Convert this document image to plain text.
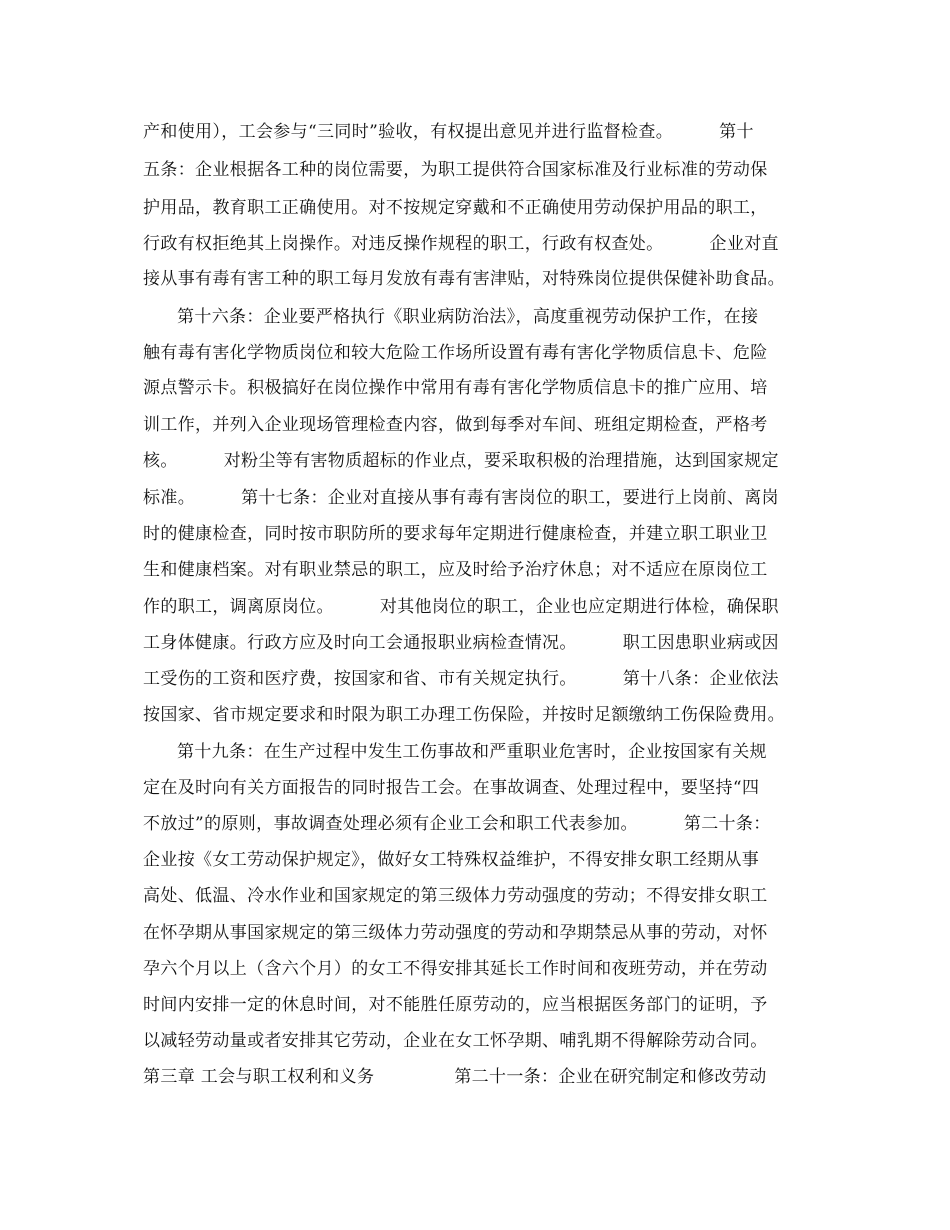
产和使用），工会参与“三同时”验收，有权提出意见并进行监督检查。	第十
五条：企业根据各工种的岗位需要，为职工提供符合国家标准及行业标准的劳动保
护用品，教育职工正确使用。对不按规定穿戴和不正确使用劳动保护用品的职工，
行政有权拒绝其上岗操作。对违反操作规程的职工，行政有权查处。	企业对直
接从事有毒有害工种的职工每月发放有毒有害津贴，对特殊岗位提供保健补助食品。
第十六条：企业要严格执行《职业病防治法》，高度重视劳动保护工作，在接
触有毒有害化学物质岗位和较大危险工作场所设置有毒有害化学物质信息卡、危险
源点警示卡。积极搞好在岗位操作中常用有毒有害化学物质信息卡的推广应用、培
训工作，并列入企业现场管理检查内容，做到每季对车间、班组定期检查，严格考
核。	对粉尘等有害物质超标的作业点，要采取积极的治理措施，达到国家规定
标准。	第十七条：企业对直接从事有毒有害岗位的职工，要进行上岗前、离岗
时的健康检查，同时按市职防所的要求每年定期进行健康检查，并建立职工职业卫
生和健康档案。对有职业禁忌的职工，应及时给予治疗休息；对不适应在原岗位工
作的职工，调离原岗位。	对其他岗位的职工，企业也应定期进行体检，确保职
工身体健康。行政方应及时向工会通报职业病检查情况。	职工因患职业病或因
工受伤的工资和医疗费，按国家和省、市有关规定执行。	第十八条：企业依法
按国家、省市规定要求和时限为职工办理工伤保险，并按时足额缴纳工伤保险费用。
第十九条：在生产过程中发生工伤事故和严重职业危害时，企业按国家有关规
定在及时向有关方面报告的同时报告工会。在事故调查、处理过程中，要坚持“四
不放过”的原则，事故调查处理必须有企业工会和职工代表参加。	第二十条：
企业按《女工劳动保护规定》，做好女工特殊权益维护，不得安排女职工经期从事
高处、低温、冷水作业和国家规定的第三级体力劳动强度的劳动；不得安排女职工
在怀孕期从事国家规定的第三级体力劳动强度的劳动和孕期禁忌从事的劳动，对怀
孕六个月以上（含六个月）的女工不得安排其延长工作时间和夜班劳动，并在劳动
时间内安排一定的休息时间，对不能胜任原劳动的，应当根据医务部门的证明，予
以减轻劳动量或者安排其它劳动，企业在女工怀孕期、哺乳期不得解除劳动合同。
第三章 工会与职工权利和义务	第二十一条：企业在研究制定和修改劳动
